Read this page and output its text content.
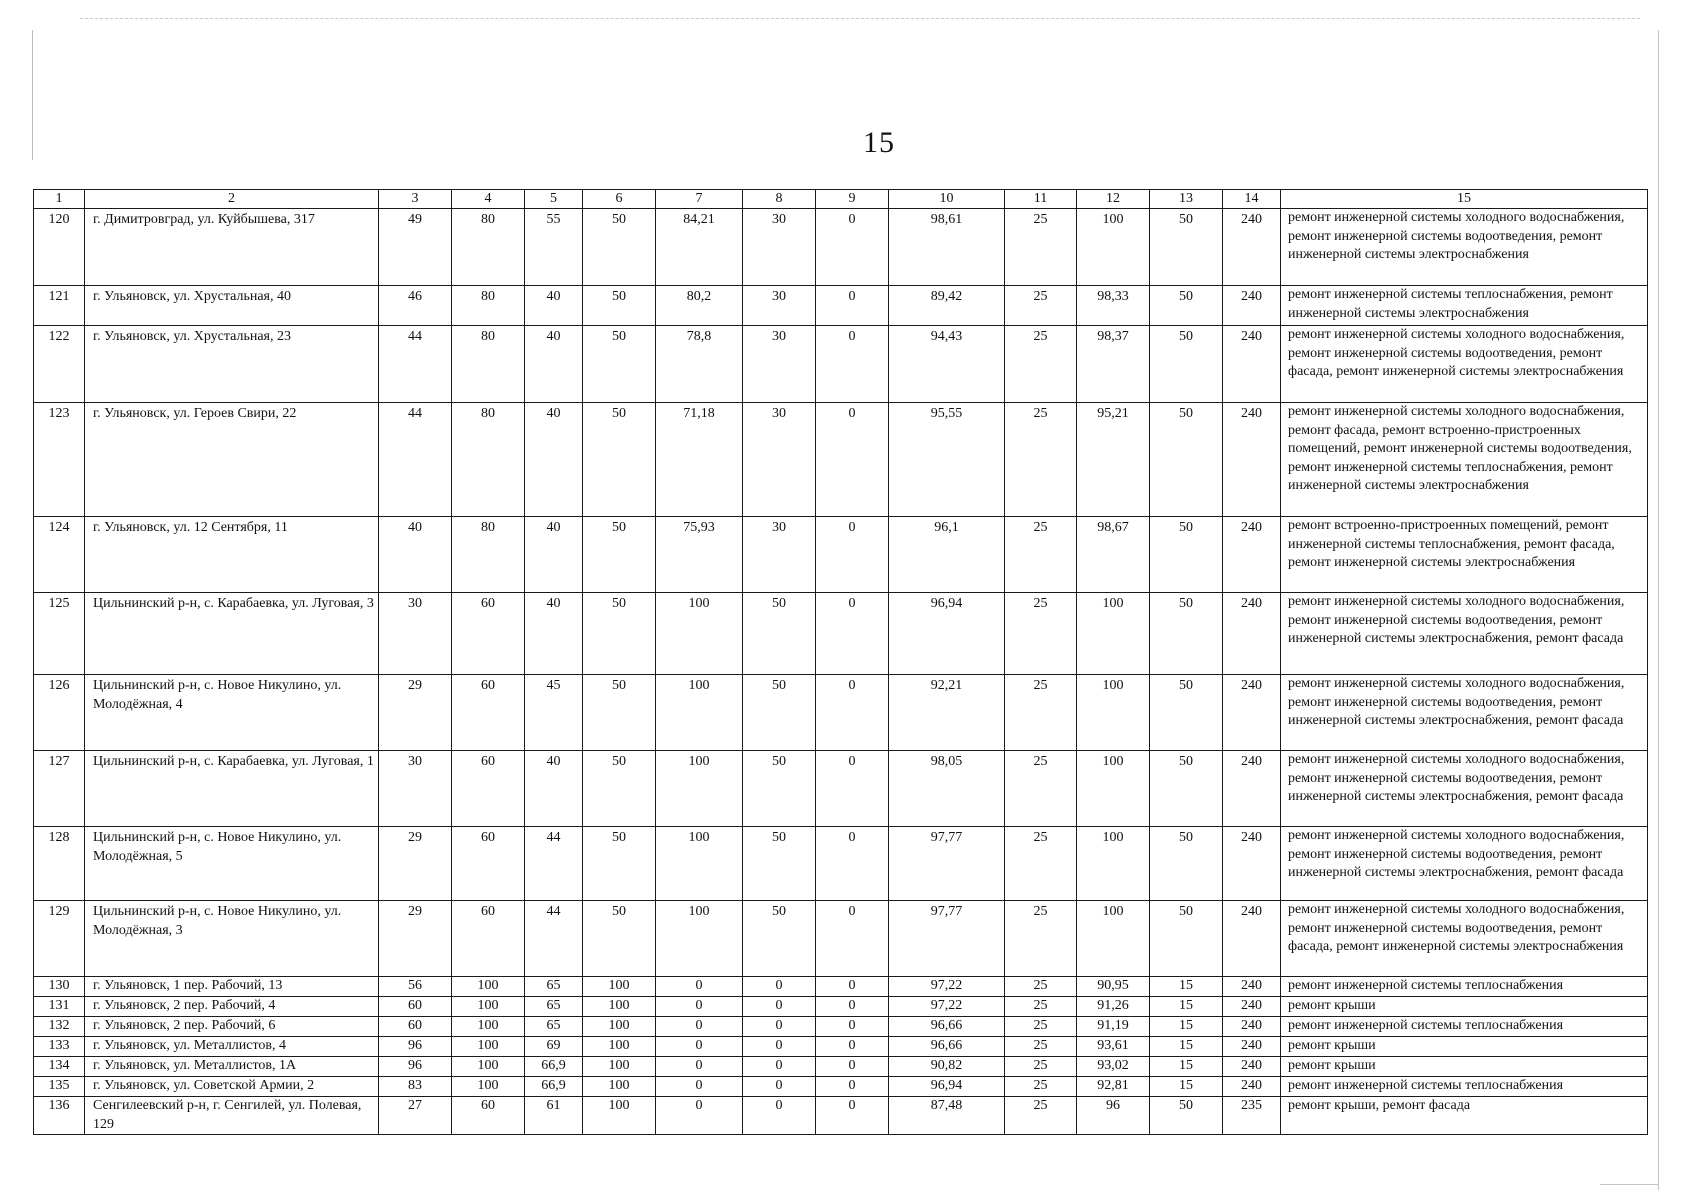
15
1	2	3	4	5	6	7	8	9	10	11	12	13	14	15
120	г. Димитровград, ул. Куйбышева, 317	49	80	55	50	84,21	30	0	98,61	25	100	50	240	ремонт инженерной системы холодного водоснабжения, ремонт инженерной системы водоотведения, ремонт инженерной системы электроснабжения
121	г. Ульяновск, ул. Хрустальная, 40	46	80	40	50	80,2	30	0	89,42	25	98,33	50	240	ремонт инженерной системы теплоснабжения, ремонт инженерной системы электроснабжения
122	г. Ульяновск, ул. Хрустальная, 23	44	80	40	50	78,8	30	0	94,43	25	98,37	50	240	ремонт инженерной системы холодного водоснабжения, ремонт инженерной системы водоотведения, ремонт фасада, ремонт инженерной системы электроснабжения
123	г. Ульяновск, ул. Героев Свири, 22	44	80	40	50	71,18	30	0	95,55	25	95,21	50	240	ремонт инженерной системы холодного водоснабжения, ремонт фасада, ремонт встроенно-пристроенных помещений, ремонт инженерной системы водоотведения, ремонт инженерной системы теплоснабжения, ремонт инженерной системы электроснабжения
124	г. Ульяновск, ул. 12 Сентября, 11	40	80	40	50	75,93	30	0	96,1	25	98,67	50	240	ремонт встроенно-пристроенных помещений, ремонт инженерной системы теплоснабжения, ремонт фасада, ремонт инженерной системы электроснабжения
125	Цильнинский р-н, с. Карабаевка, ул. Луговая, 3	30	60	40	50	100	50	0	96,94	25	100	50	240	ремонт инженерной системы холодного водоснабжения, ремонт инженерной системы водоотведения, ремонт инженерной системы электроснабжения, ремонт фасада
126	Цильнинский р-н, с. Новое Никулино, ул. Молодёжная, 4	29	60	45	50	100	50	0	92,21	25	100	50	240	ремонт инженерной системы холодного водоснабжения, ремонт инженерной системы водоотведения, ремонт инженерной системы электроснабжения, ремонт фасада
127	Цильнинский р-н, с. Карабаевка, ул. Луговая, 1	30	60	40	50	100	50	0	98,05	25	100	50	240	ремонт инженерной системы холодного водоснабжения, ремонт инженерной системы водоотведения, ремонт инженерной системы электроснабжения, ремонт фасада
128	Цильнинский р-н, с. Новое Никулино, ул. Молодёжная, 5	29	60	44	50	100	50	0	97,77	25	100	50	240	ремонт инженерной системы холодного водоснабжения, ремонт инженерной системы водоотведения, ремонт инженерной системы электроснабжения, ремонт фасада
129	Цильнинский р-н, с. Новое Никулино, ул. Молодёжная, 3	29	60	44	50	100	50	0	97,77	25	100	50	240	ремонт инженерной системы холодного водоснабжения, ремонт инженерной системы водоотведения, ремонт фасада, ремонт инженерной системы электроснабжения
130	г. Ульяновск, 1 пер. Рабочий, 13	56	100	65	100	0	0	0	97,22	25	90,95	15	240	ремонт инженерной системы теплоснабжения
131	г. Ульяновск, 2 пер. Рабочий, 4	60	100	65	100	0	0	0	97,22	25	91,26	15	240	ремонт крыши
132	г. Ульяновск, 2 пер. Рабочий, 6	60	100	65	100	0	0	0	96,66	25	91,19	15	240	ремонт инженерной системы теплоснабжения
133	г. Ульяновск, ул. Металлистов, 4	96	100	69	100	0	0	0	96,66	25	93,61	15	240	ремонт крыши
134	г. Ульяновск, ул. Металлистов, 1А	96	100	66,9	100	0	0	0	90,82	25	93,02	15	240	ремонт крыши
135	г. Ульяновск, ул. Советской Армии, 2	83	100	66,9	100	0	0	0	96,94	25	92,81	15	240	ремонт инженерной системы теплоснабжения
136	Сенгилеевский р-н, г. Сенгилей, ул. Полевая, 129	27	60	61	100	0	0	0	87,48	25	96	50	235	ремонт крыши, ремонт фасада
